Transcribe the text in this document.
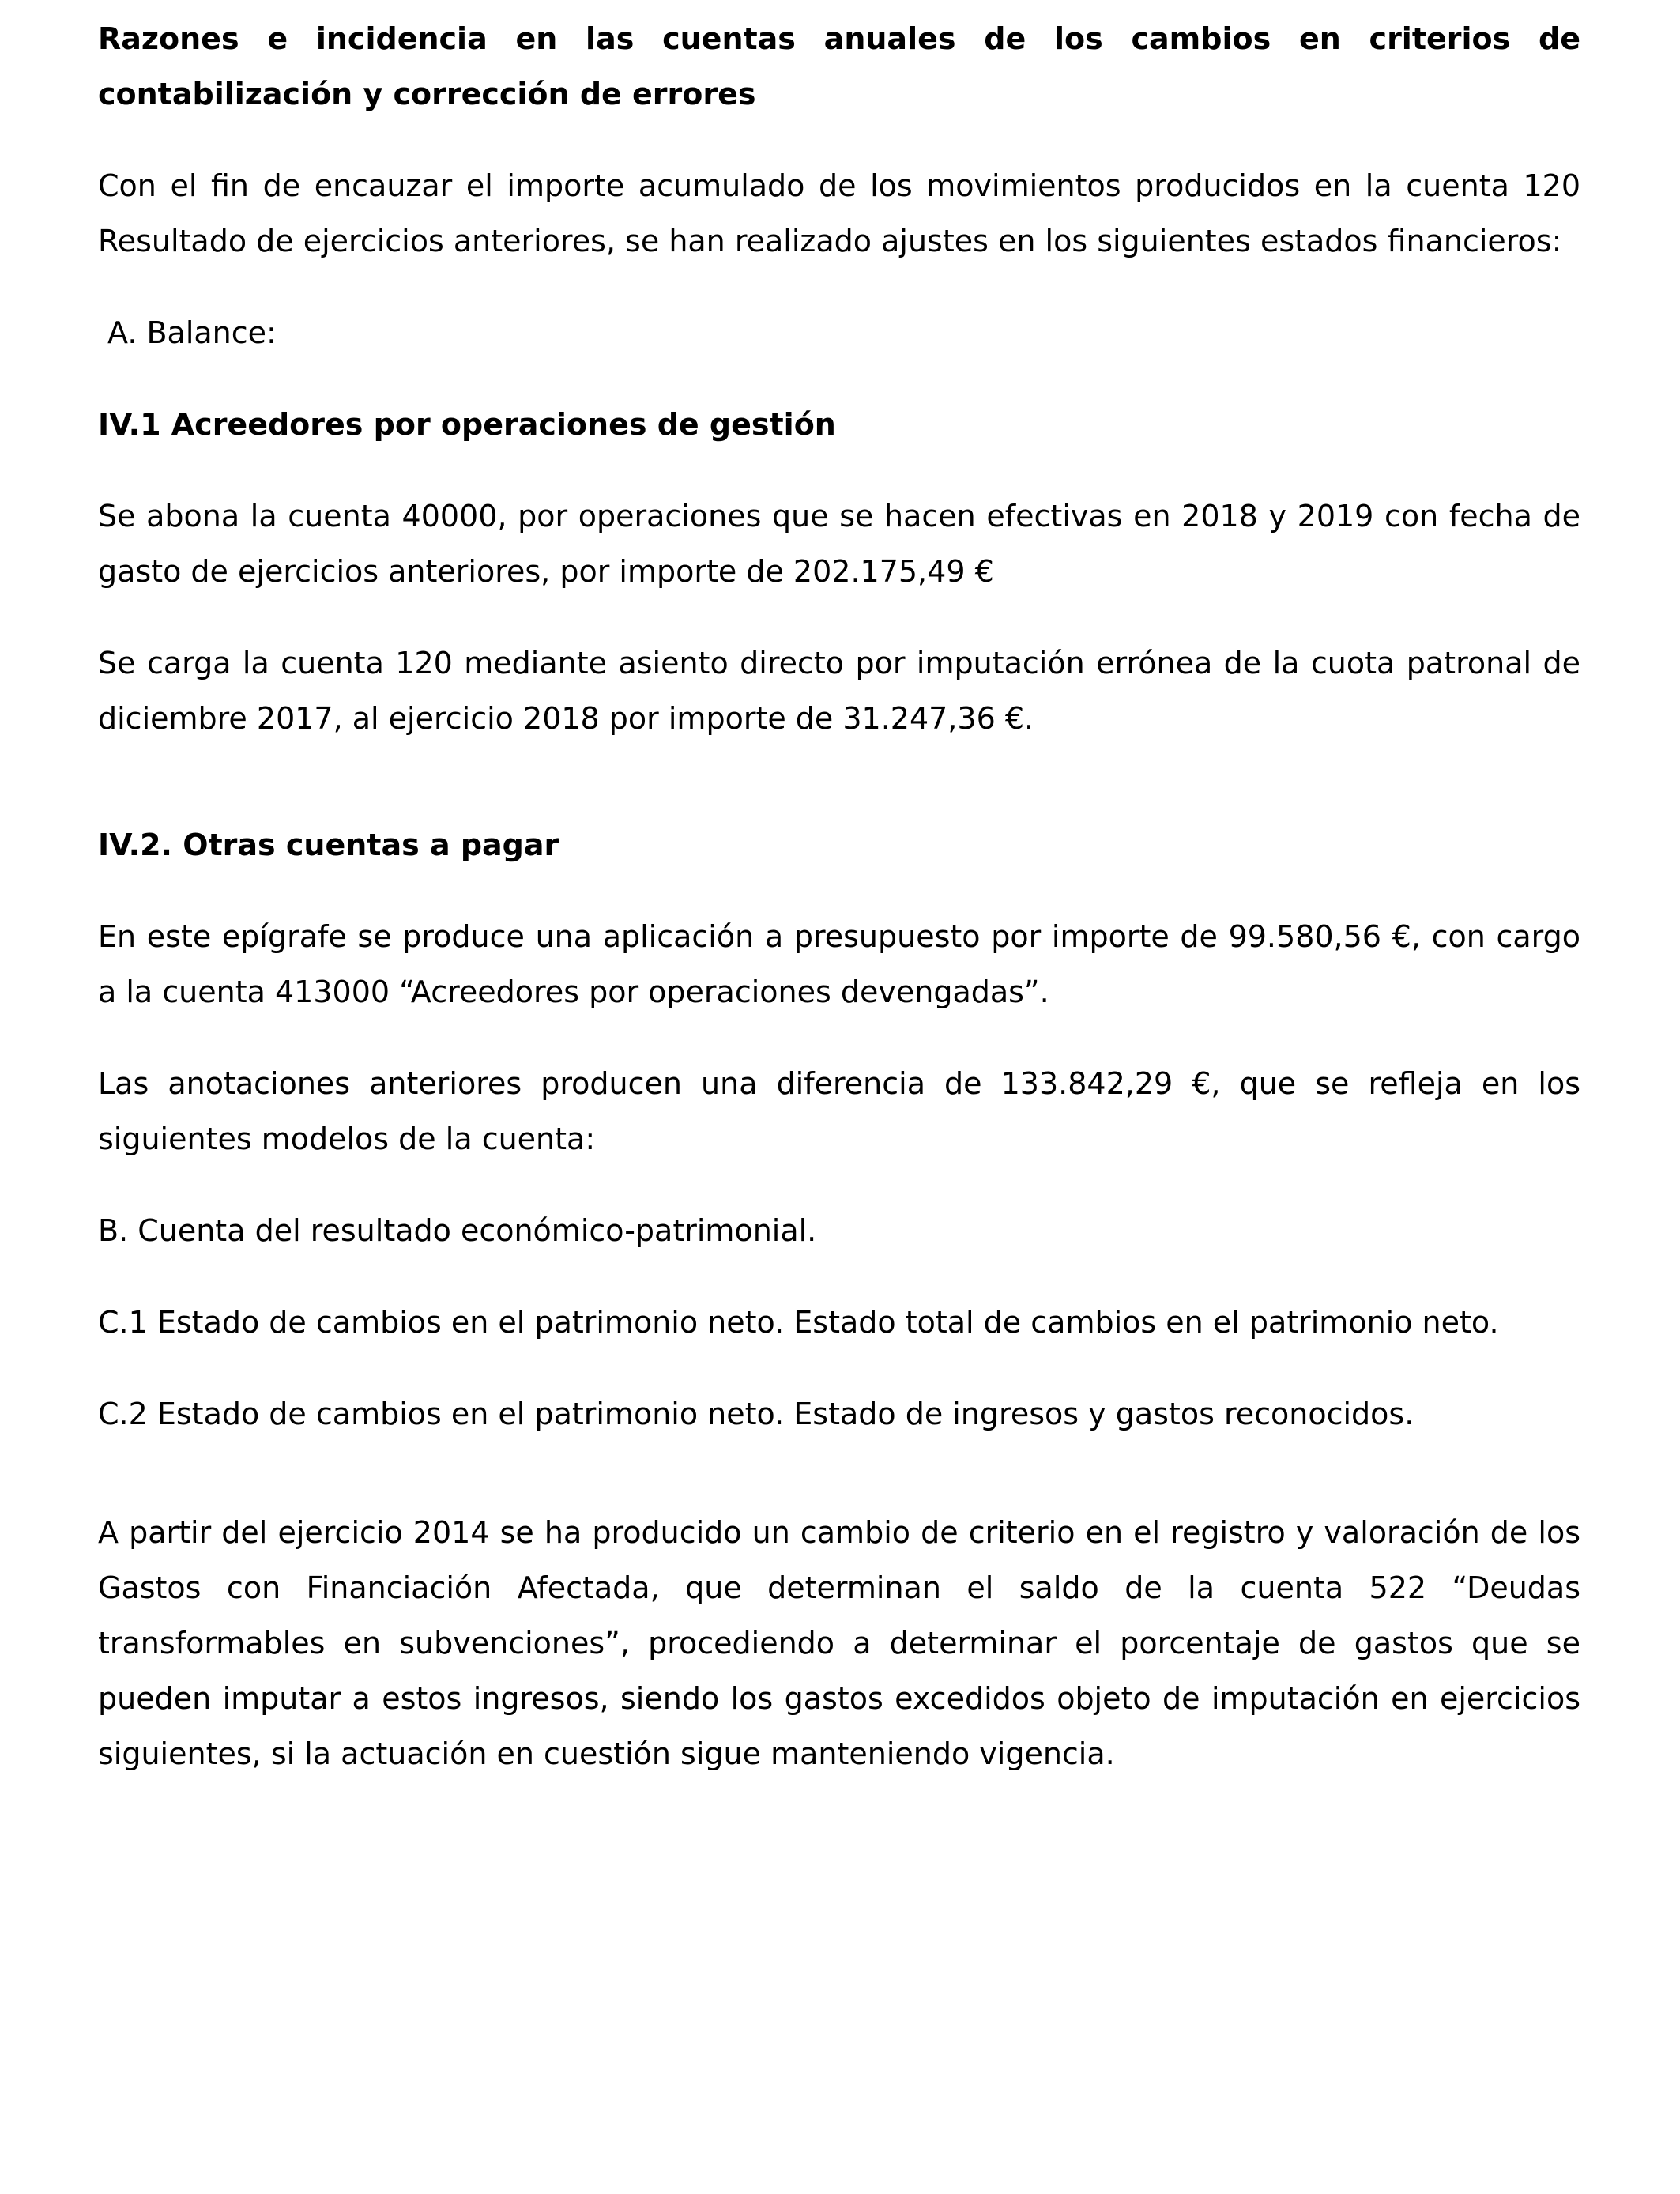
Razones e incidencia en las cuentas anuales de los cambios en criterios de contabilización y corrección de errores

Con el fin de encauzar el importe acumulado de los movimientos producidos en la cuenta 120 Resultado de ejercicios anteriores, se han realizado ajustes en los siguientes estados financieros:

A. Balance:

IV.1 Acreedores por operaciones de gestión

Se abona la cuenta 40000, por operaciones que se hacen efectivas en 2018 y 2019 con fecha de gasto de ejercicios anteriores, por importe de 202.175,49 €

Se carga la cuenta 120 mediante asiento directo por imputación errónea de la cuota patronal de diciembre 2017, al ejercicio 2018 por importe de 31.247,36 €.

IV.2. Otras cuentas a pagar

En este epígrafe se produce una aplicación a presupuesto por importe de 99.580,56 €, con cargo a la cuenta 413000 “Acreedores por operaciones devengadas”.

Las anotaciones anteriores producen una diferencia de 133.842,29 €, que se refleja en los siguientes modelos de la cuenta:

B. Cuenta del resultado económico-patrimonial.

C.1 Estado de cambios en el patrimonio neto. Estado total de cambios en el patrimonio neto.

C.2 Estado de cambios en el patrimonio neto. Estado de ingresos y gastos reconocidos.

A partir del ejercicio 2014 se ha producido un cambio de criterio en el registro y valoración de los Gastos con Financiación Afectada, que determinan el saldo de la cuenta 522 “Deudas transformables en subvenciones”, procediendo a determinar el porcentaje de gastos que se pueden imputar a estos ingresos, siendo los gastos excedidos objeto de imputación en ejercicios siguientes, si la actuación en cuestión sigue manteniendo vigencia.
